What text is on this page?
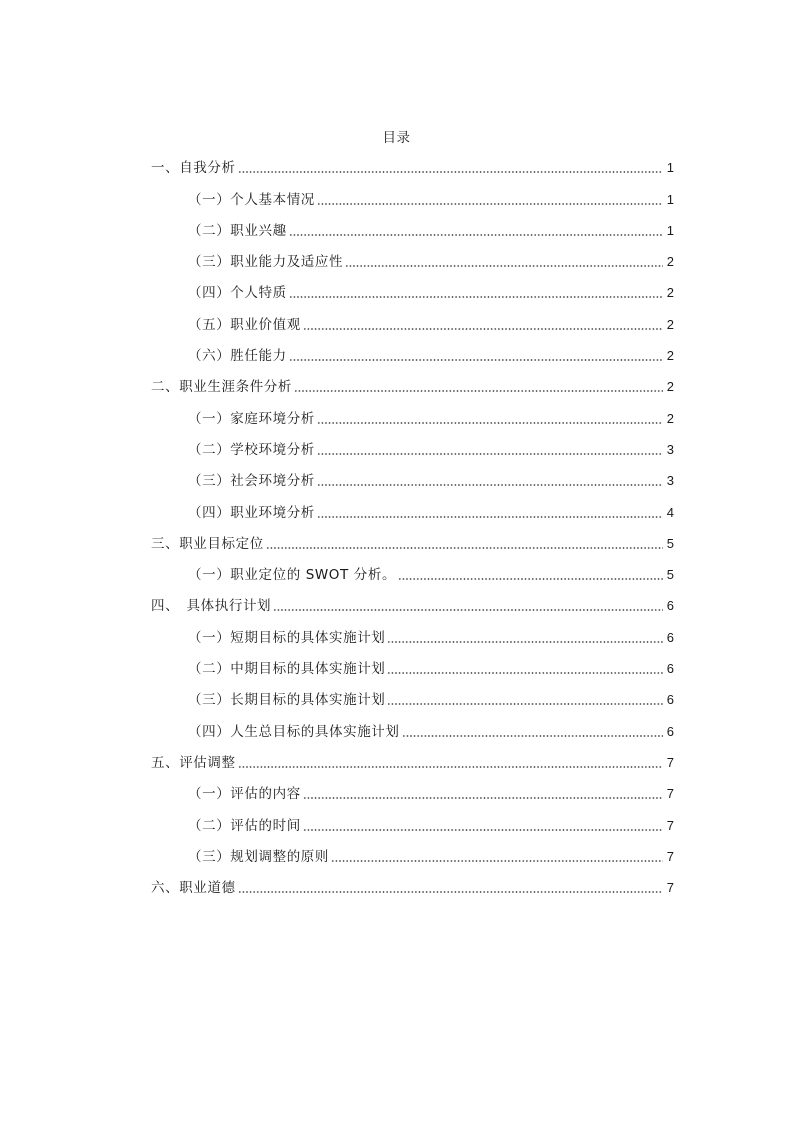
目录
一、自我分析	1
（一）个人基本情况	1
（二）职业兴趣	1
（三）职业能力及适应性	2
（四）个人特质	2
（五）职业价值观	2
（六）胜任能力	2
二、职业生涯条件分析	2
（一）家庭环境分析	2
（二）学校环境分析	3
（三）社会环境分析	3
（四）职业环境分析	4
三、职业目标定位	5
（一）职业定位的 SWOT 分析。	5
四、　具体执行计划	6
（一）短期目标的具体实施计划	6
（二）中期目标的具体实施计划	6
（三）长期目标的具体实施计划	6
（四）人生总目标的具体实施计划	6
五、评估调整	7
（一）评估的内容	7
（二）评估的时间	7
（三）规划调整的原则	7
六、职业道德	7
